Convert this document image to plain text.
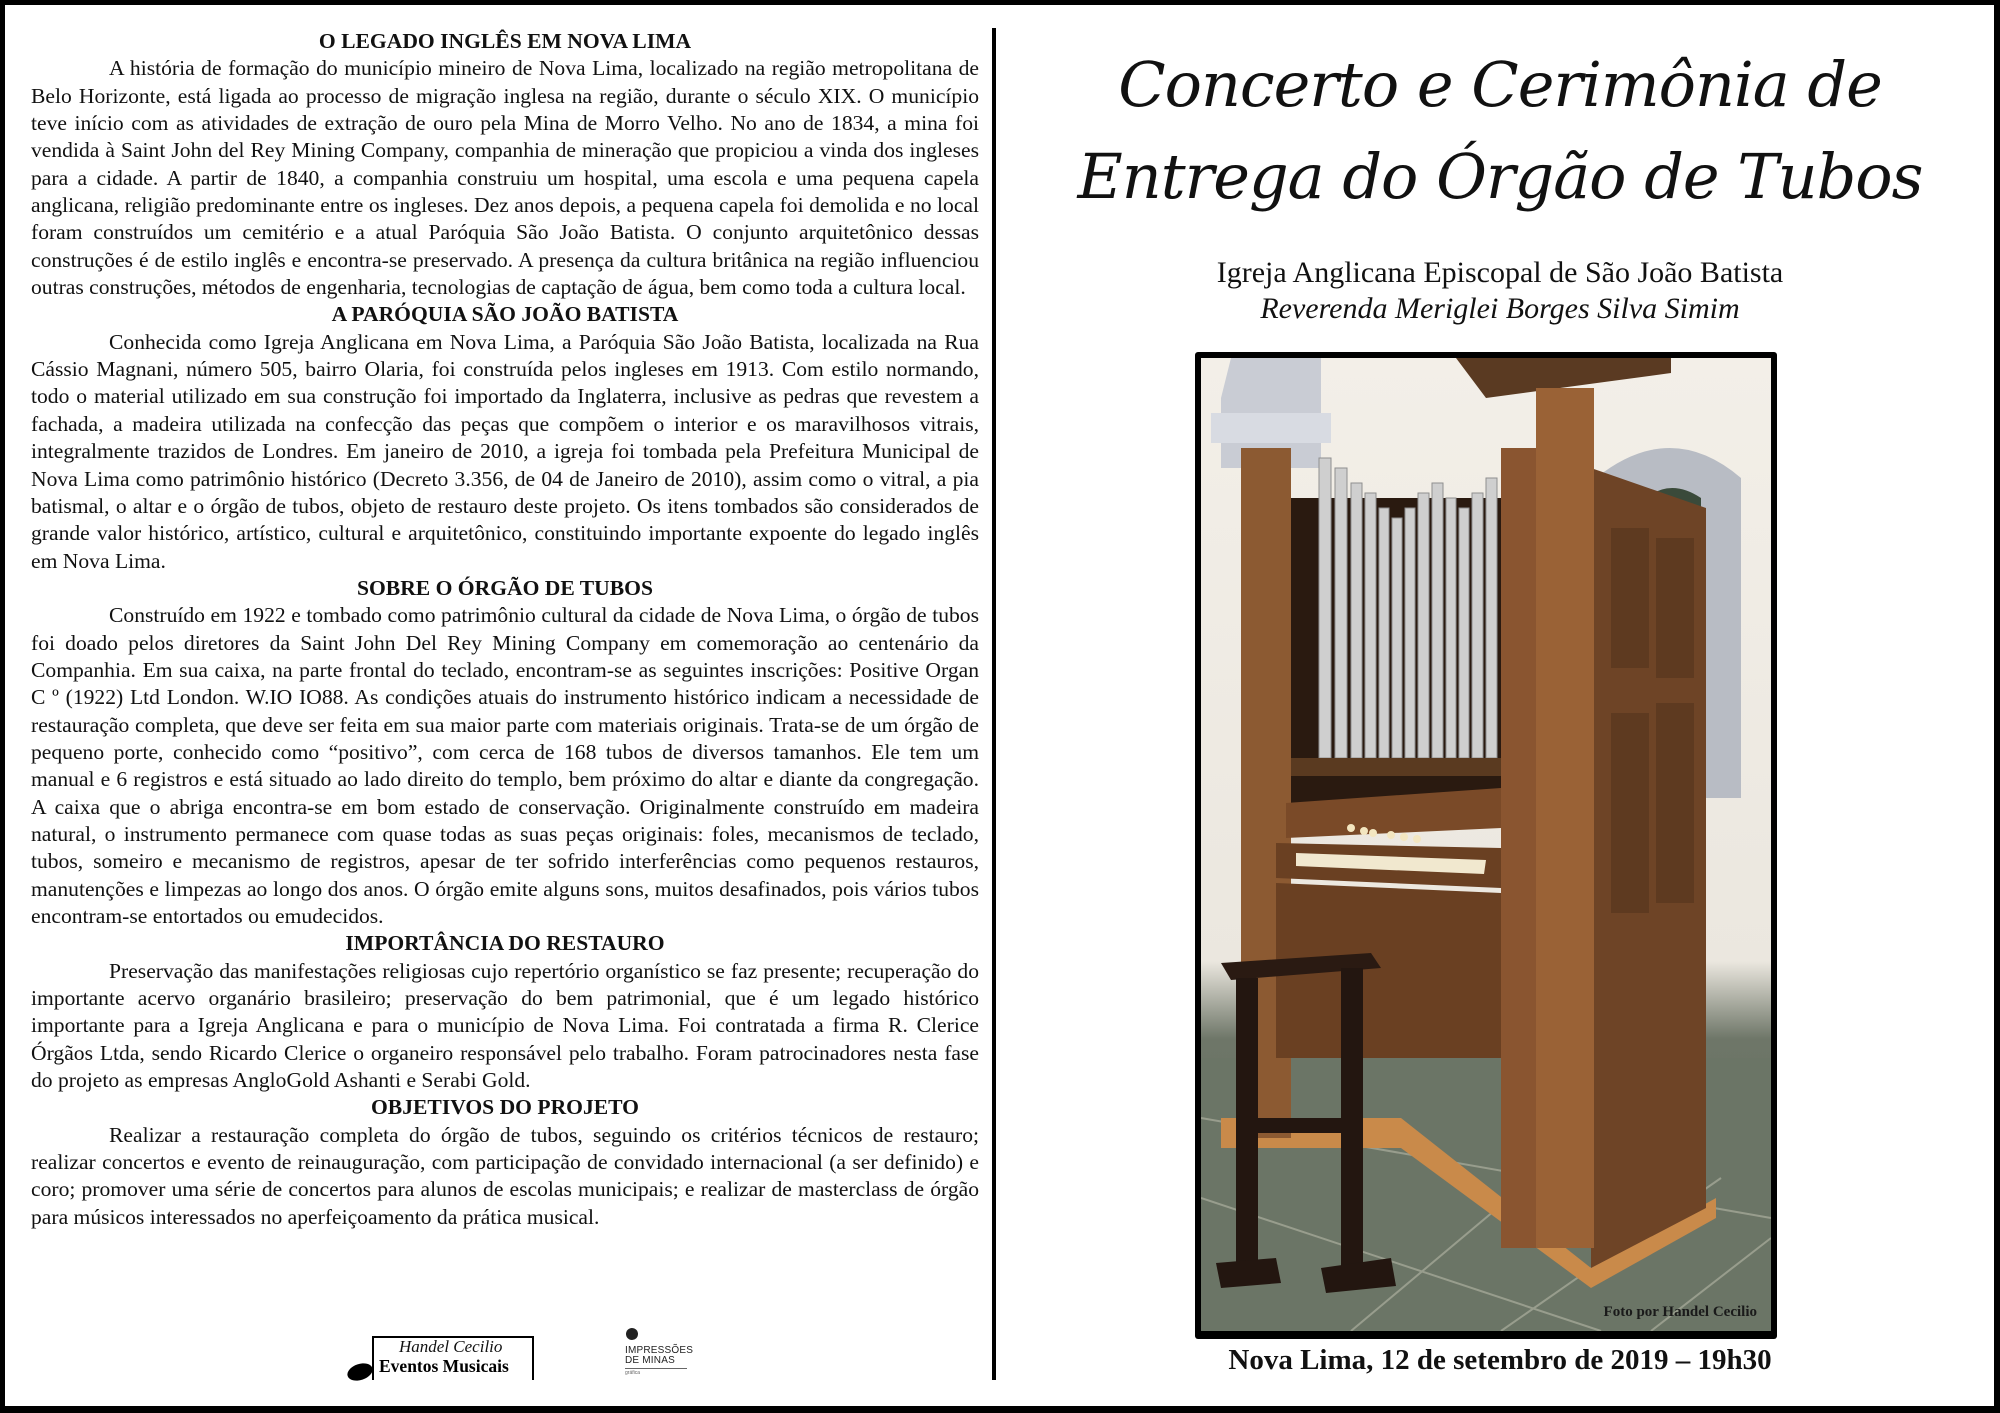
O LEGADO INGLÊS EM NOVA LIMA

A história de formação do município mineiro de Nova Lima, localizado na região metropolitana de Belo Horizonte, está ligada ao processo de migração inglesa na região, durante o século XIX. O município teve início com as atividades de extração de ouro pela Mina de Morro Velho. No ano de 1834, a mina foi vendida à Saint John del Rey Mining Company, companhia de mineração que propiciou a vinda dos ingleses para a cidade. A partir de 1840, a companhia construiu um hospital, uma escola e uma pequena capela anglicana, religião predominante entre os ingleses. Dez anos depois, a pequena capela foi demolida e no local foram construídos um cemitério e a atual Paróquia São João Batista. O conjunto arquitetônico dessas construções é de estilo inglês e encontra-se preservado. A presença da cultura britânica na região influenciou outras construções, métodos de engenharia, tecnologias de captação de água, bem como toda a cultura local.

A PARÓQUIA SÃO JOÃO BATISTA

Conhecida como Igreja Anglicana em Nova Lima, a Paróquia São João Batista, localizada na Rua Cássio Magnani, número 505, bairro Olaria, foi construída pelos ingleses em 1913. Com estilo normando, todo o material utilizado em sua construção foi importado da Inglaterra, inclusive as pedras que revestem a fachada, a madeira utilizada na confecção das peças que compõem o interior e os maravilhosos vitrais, integralmente trazidos de Londres. Em janeiro de 2010, a igreja foi tombada pela Prefeitura Municipal de Nova Lima como patrimônio histórico (Decreto 3.356, de 04 de Janeiro de 2010), assim como o vitral, a pia batismal, o altar e o órgão de tubos, objeto de restauro deste projeto. Os itens tombados são considerados de grande valor histórico, artístico, cultural e arquitetônico, constituindo importante expoente do legado inglês em Nova Lima.

SOBRE O ÓRGÃO DE TUBOS

Construído em 1922 e tombado como patrimônio cultural da cidade de Nova Lima, o órgão de tubos foi doado pelos diretores da Saint John Del Rey Mining Company em comemoração ao centenário da Companhia. Em sua caixa, na parte frontal do teclado, encontram-se as seguintes inscrições: Positive Organ C º (1922) Ltd London. W.IO IO88. As condições atuais do instrumento histórico indicam a necessidade de restauração completa, que deve ser feita em sua maior parte com materiais originais. Trata-se de um órgão de pequeno porte, conhecido como “positivo”, com cerca de 168 tubos de diversos tamanhos. Ele tem um manual e 6 registros e está situado ao lado direito do templo, bem próximo do altar e diante da congregação. A caixa que o abriga encontra-se em bom estado de conservação. Originalmente construído em madeira natural, o instrumento permanece com quase todas as suas peças originais: foles, mecanismos de teclado, tubos, someiro e mecanismo de registros, apesar de ter sofrido interferências como pequenos restauros, manutenções e limpezas ao longo dos anos. O órgão emite alguns sons, muitos desafinados, pois vários tubos encontram-se entortados ou emudecidos.

IMPORTÂNCIA DO RESTAURO

Preservação das manifestações religiosas cujo repertório organístico se faz presente; recuperação do importante acervo organário brasileiro; preservação do bem patrimonial, que é um legado histórico importante para a Igreja Anglicana e para o município de Nova Lima. Foi contratada a firma R. Clerice Órgãos Ltda, sendo Ricardo Clerice o organeiro responsável pelo trabalho. Foram patrocinadores nesta fase do projeto as empresas AngloGold Ashanti e Serabi Gold.

OBJETIVOS DO PROJETO

Realizar a restauração completa do órgão de tubos, seguindo os critérios técnicos de restauro; realizar concertos e evento de reinauguração, com participação de convidado internacional (a ser definido) e coro; promover uma série de concertos para alunos de escolas municipais; e realizar de masterclass de órgão para músicos interessados no aperfeiçoamento da prática musical.

Handel Cecilio
Eventos Musicais
IMPRESSÕES
DE MINAS
gráfica
Concerto e Cerimônia de
Entrega do Órgão de Tubos
Igreja Anglicana Episcopal de São João Batista
Reverenda Meriglei Borges Silva Simim
Foto por Handel Cecilio
Nova Lima, 12 de setembro de 2019 – 19h30
